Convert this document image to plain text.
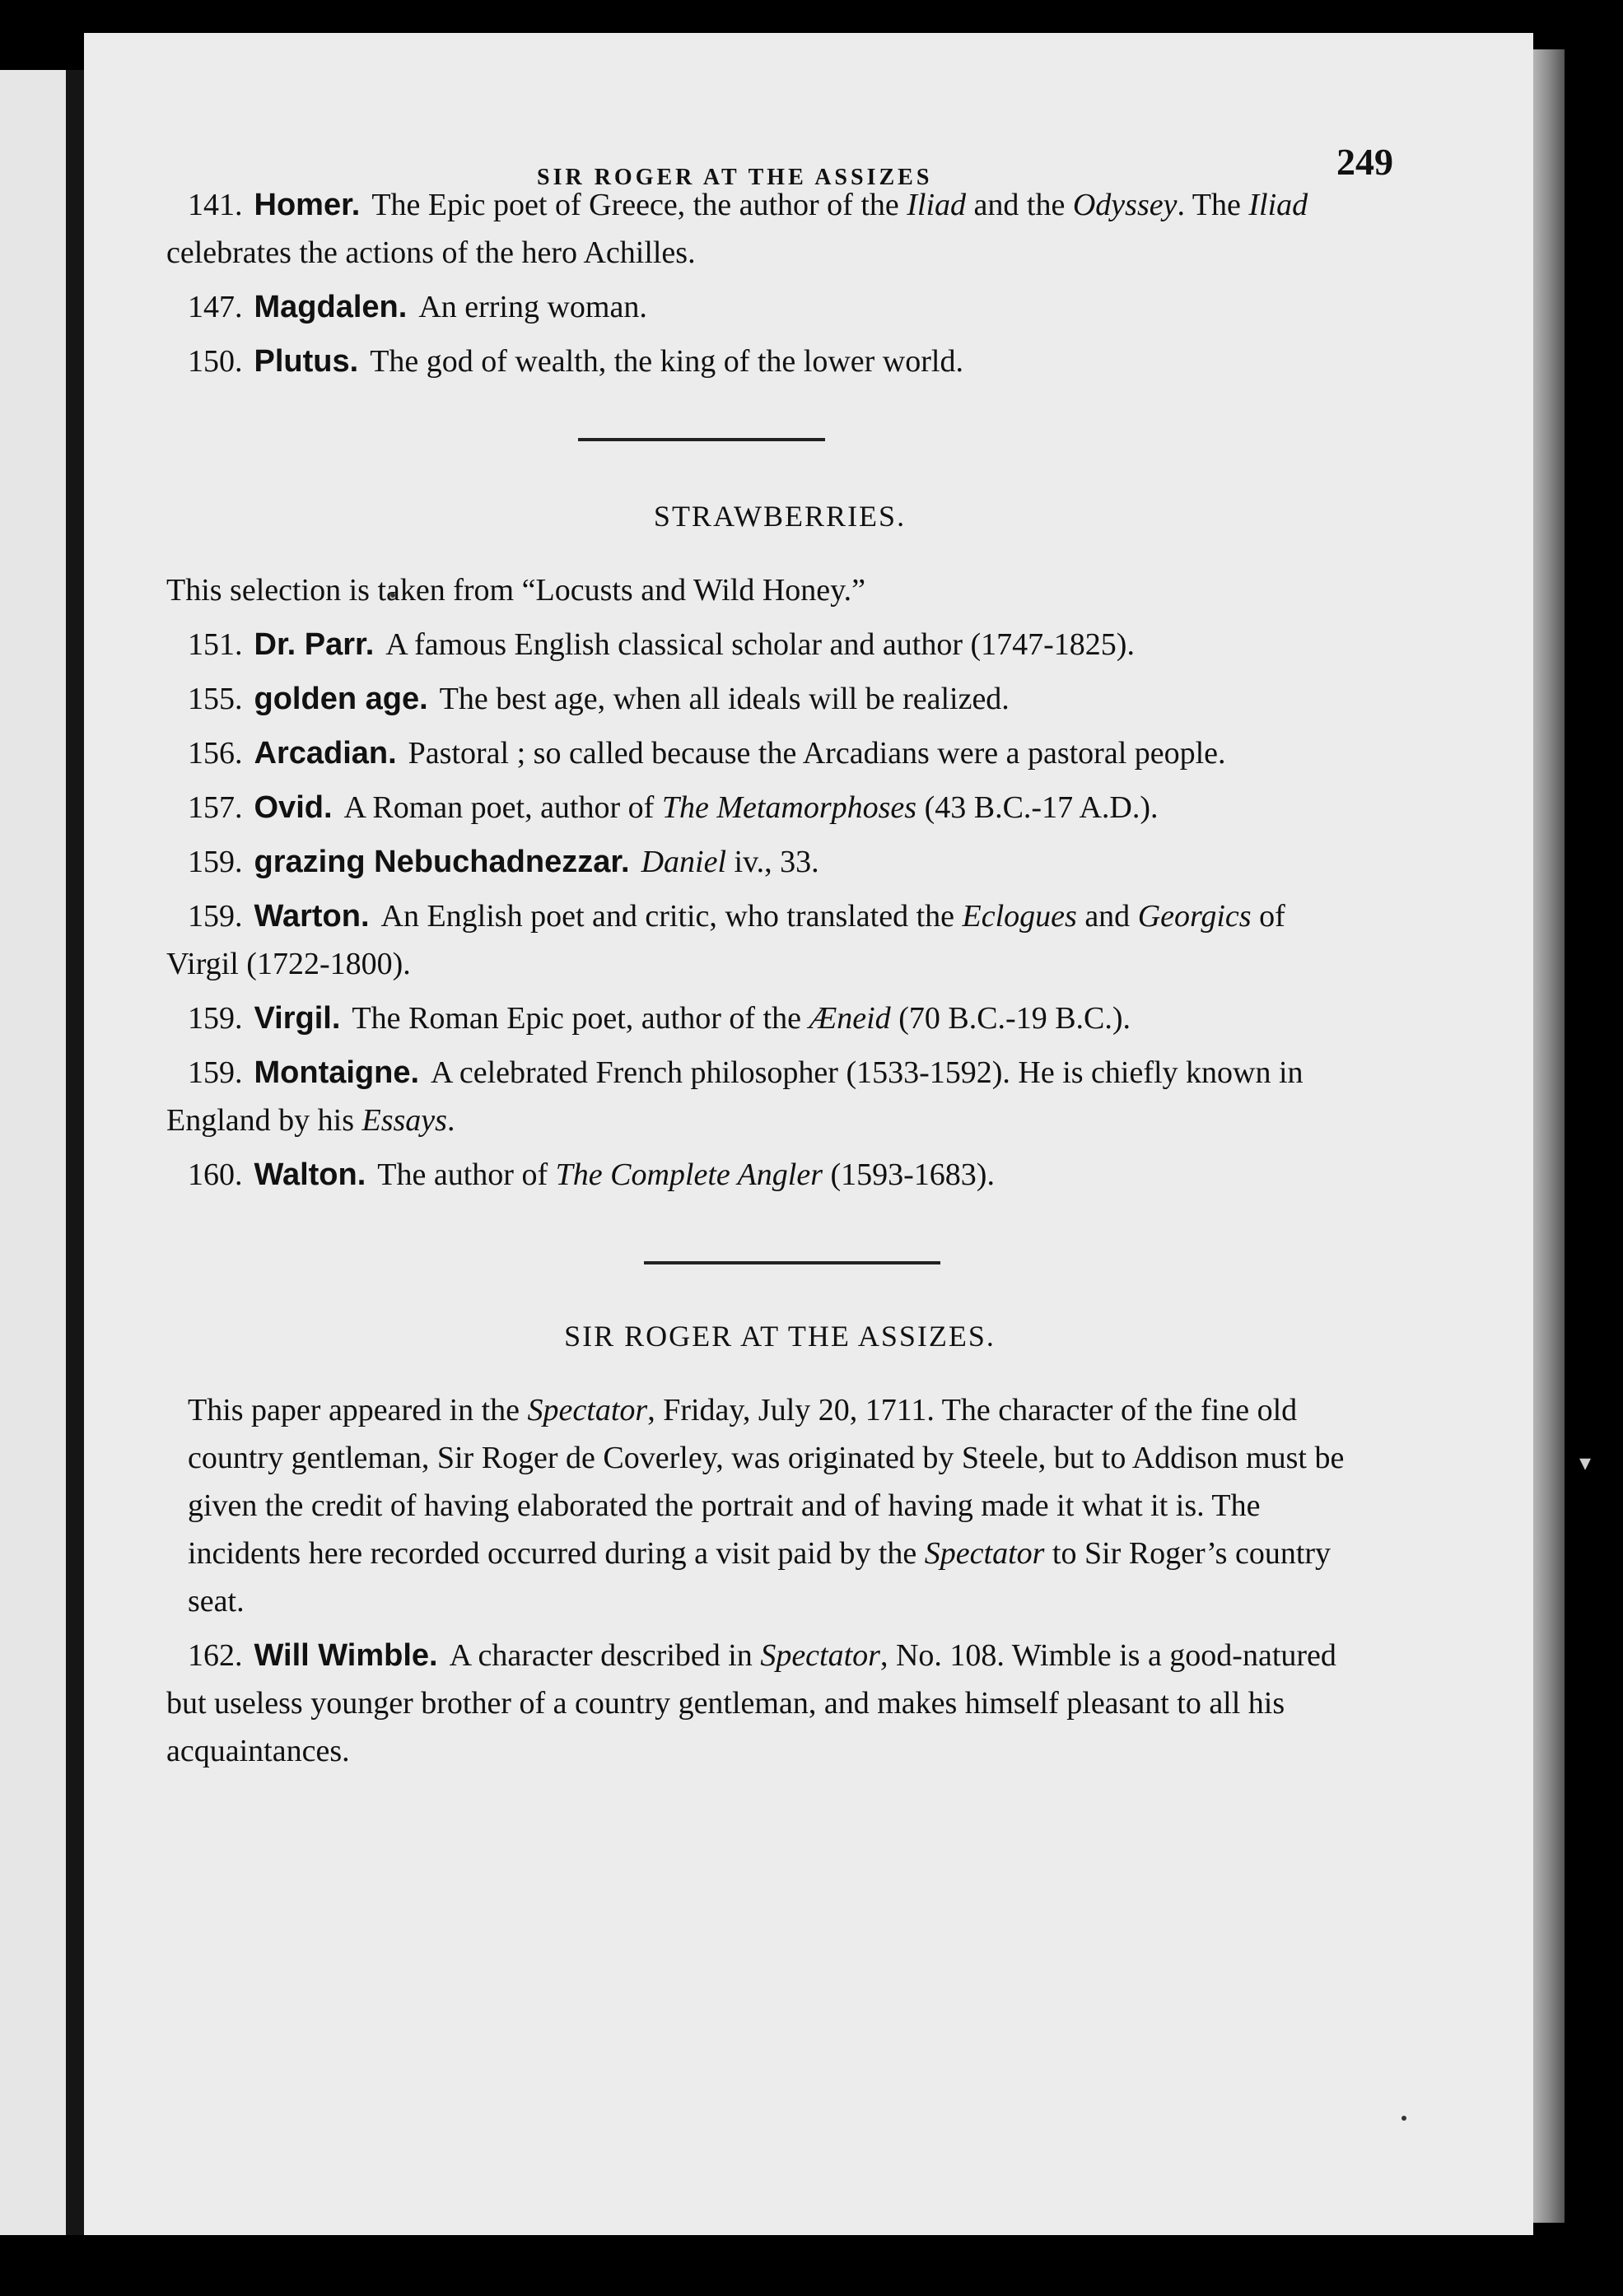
SIR ROGER AT THE ASSIZES	249

141. Homer. The Epic poet of Greece, the author of the Iliad and the Odyssey. The Iliad celebrates the actions of the hero Achilles.

147. Magdalen. An erring woman.

150. Plutus. The god of wealth, the king of the lower world.

STRAWBERRIES.

This selection is taken from “Locusts and Wild Honey.”

151. Dr. Parr. A famous English classical scholar and author (1747-1825).

155. golden age. The best age, when all ideals will be realized.

156. Arcadian. Pastoral ; so called because the Arcadians were a pastoral people.

157. Ovid. A Roman poet, author of The Metamorphoses (43 B.C.-17 A.D.).

159. grazing Nebuchadnezzar. Daniel iv., 33.

159. Warton. An English poet and critic, who translated the Eclogues and Georgics of Virgil (1722-1800).

159. Virgil. The Roman Epic poet, author of the Æneid (70 B.C.-19 B.C.).

159. Montaigne. A celebrated French philosopher (1533-1592). He is chiefly known in England by his Essays.

160. Walton. The author of The Complete Angler (1593-1683).

SIR ROGER AT THE ASSIZES.

This paper appeared in the Spectator, Friday, July 20, 1711. The character of the fine old country gentleman, Sir Roger de Coverley, was originated by Steele, but to Addison must be given the credit of having elaborated the portrait and of having made it what it is. The incidents here recorded occurred during a visit paid by the Spectator to Sir Roger’s country seat.

162. Will Wimble. A character described in Spectator, No. 108. Wimble is a good-natured but useless younger brother of a country gentleman, and makes himself pleasant to all his acquaintances.

▾
